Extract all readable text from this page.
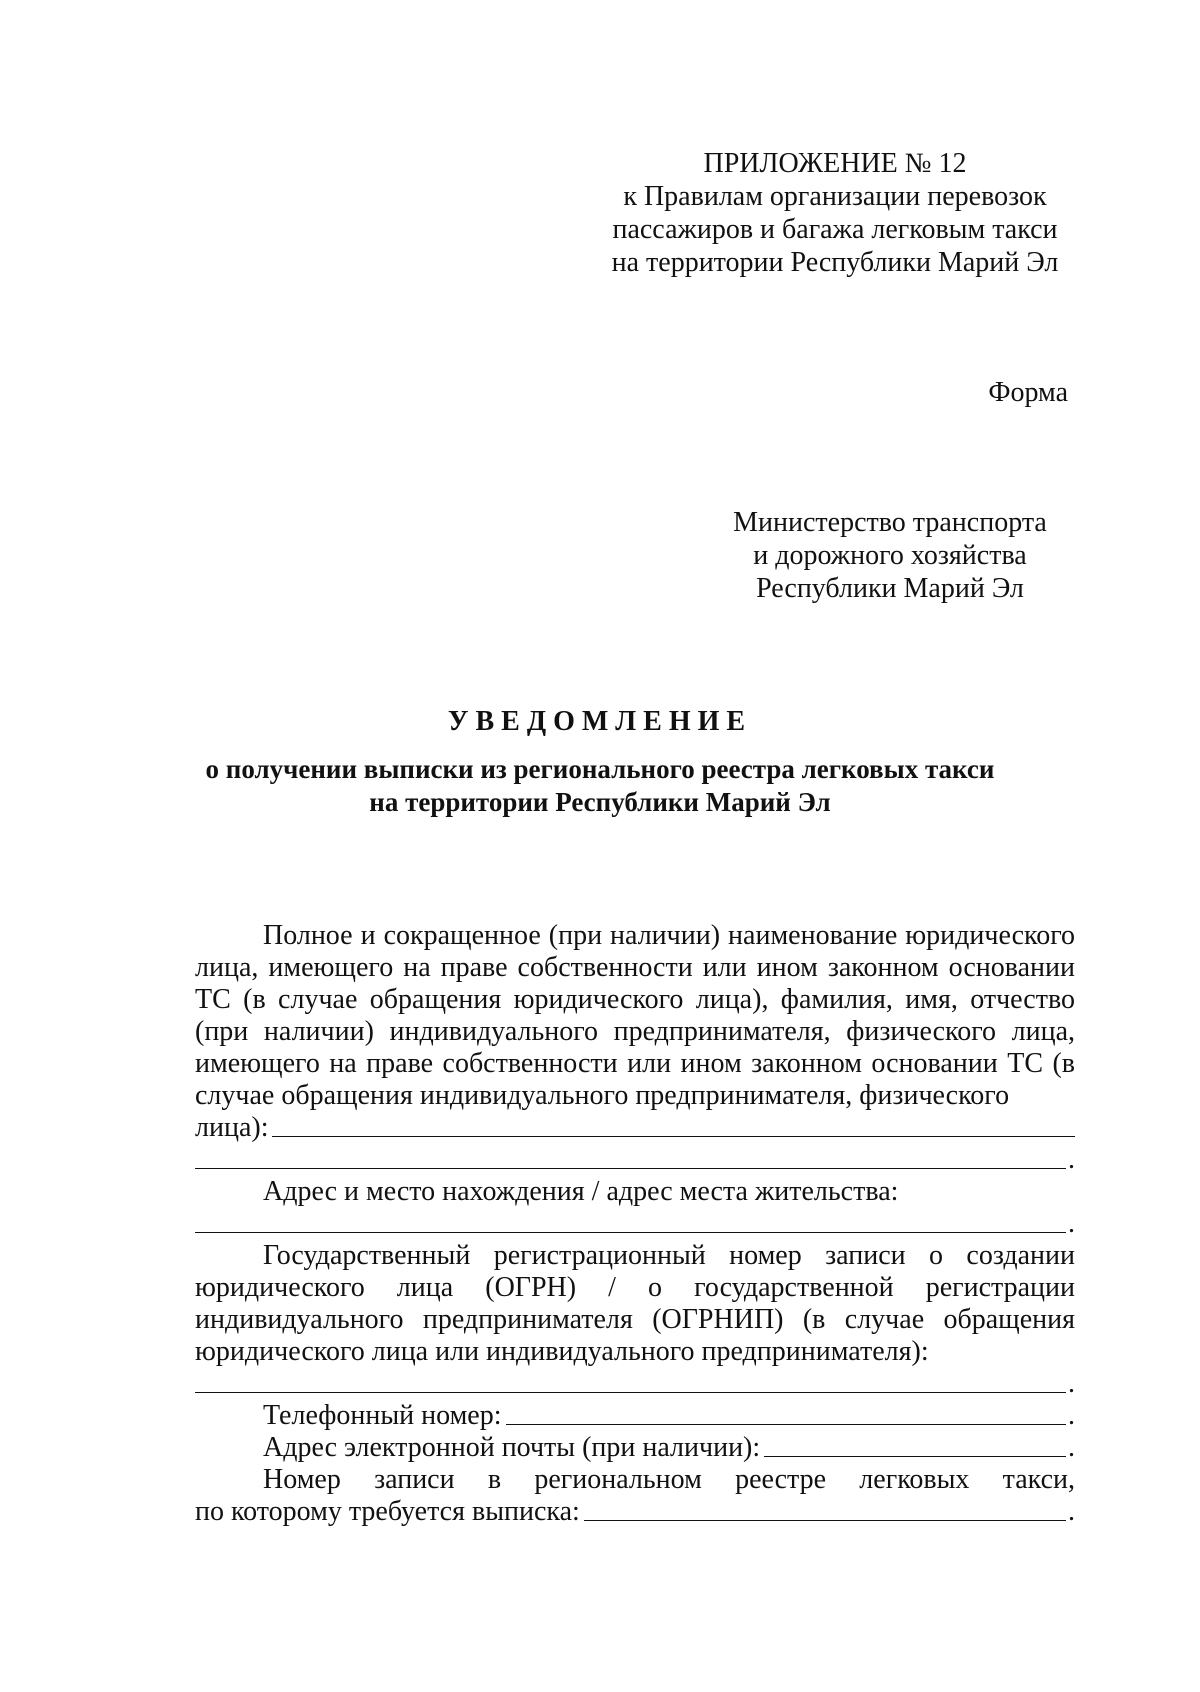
ПРИЛОЖЕНИЕ № 12
к Правилам организации перевозок
пассажиров и багажа легковым такси
на территории Республики Марий Эл
Форма
Министерство транспорта
и дорожного хозяйства
Республики Марий Эл
УВЕДОМЛЕНИЕ
о получении выписки из регионального реестра легковых такси
на территории Республики Марий Эл
Полное и сокращенное (при наличии) наименование юридического лица, имеющего на праве собственности или ином законном основании ТС (в случае обращения юридического лица), фамилия, имя, отчество (при наличии) индивидуального предпринимателя, физического лица, имеющего на праве собственности или ином законном основании ТС (в случае обращения индивидуального предпринимателя, физического
лица):
.
Адрес и место нахождения / адрес места жительства:
.
Государственный регистрационный номер записи о создании юридического лица (ОГРН) / о государственной регистрации индивидуального предпринимателя (ОГРНИП) (в случае обращения юридического лица или индивидуального предпринимателя):
.
Телефонный номер:	.
Адрес электронной почты (при наличии):	.
Номер записи в региональном реестре легковых такси,
по которому требуется выписка:	.
